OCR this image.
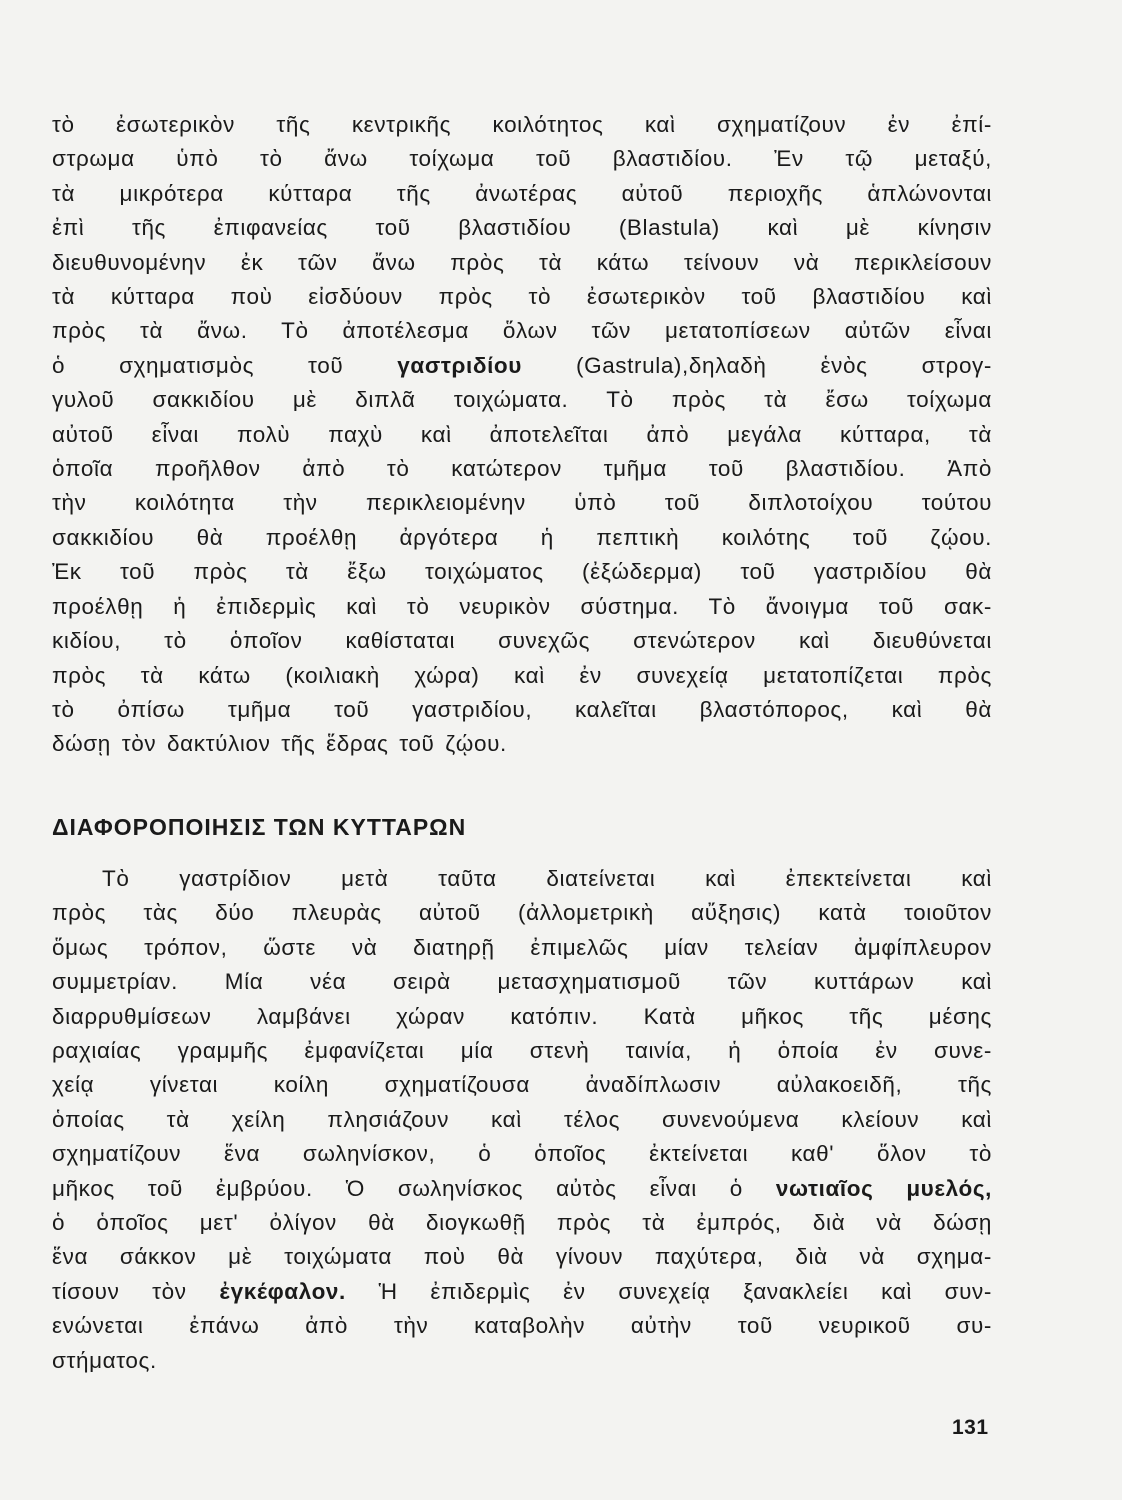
τὸ ἐσωτερικὸν τῆς κεντρικῆς κοιλότητος καὶ σχηματίζουν ἐν ἐπί-
στρωμα ὑπὸ τὸ ἄνω τοίχωμα τοῦ βλαστιδίου. Ἐν τῷ μεταξύ,
τὰ μικρότερα κύτταρα τῆς ἀνωτέρας αὐτοῦ περιοχῆς ἁπλώνονται
ἐπὶ τῆς ἐπιφανείας τοῦ βλαστιδίου (Blastula) καὶ μὲ κίνησιν
διευθυνομένην ἐκ τῶν ἄνω πρὸς τὰ κάτω τείνουν νὰ περικλείσουν
τὰ κύτταρα ποὺ εἰσδύουν πρὸς τὸ ἐσωτερικὸν τοῦ βλαστιδίου καὶ
πρὸς τὰ ἄνω. Τὸ ἀποτέλεσμα ὅλων τῶν μετατοπίσεων αὐτῶν εἶναι
ὁ σχηματισμὸς τοῦ γαστριδίου (Gastrula),δηλαδὴ ἑνὸς στρογ-
γυλοῦ σακκιδίου μὲ διπλᾶ τοιχώματα. Τὸ πρὸς τὰ ἔσω τοίχωμα
αὐτοῦ εἶναι πολὺ παχὺ καὶ ἀποτελεῖται ἀπὸ μεγάλα κύτταρα, τὰ
ὁποῖα προῆλθον ἀπὸ τὸ κατώτερον τμῆμα τοῦ βλαστιδίου. Ἀπὸ
τὴν κοιλότητα τὴν περικλειομένην ὑπὸ τοῦ διπλοτοίχου τούτου
σακκιδίου θὰ προέλθῃ ἀργότερα ἡ πεπτικὴ κοιλότης τοῦ ζῴου.
Ἐκ τοῦ πρὸς τὰ ἔξω τοιχώματος (ἐξώδερμα) τοῦ γαστριδίου θὰ
προέλθῃ ἡ ἐπιδερμὶς καὶ τὸ νευρικὸν σύστημα. Τὸ ἄνοιγμα τοῦ σακ-
κιδίου, τὸ ὁποῖον καθίσταται συνεχῶς στενώτερον καὶ διευθύνεται
πρὸς τὰ κάτω (κοιλιακὴ χώρα) καὶ ἐν συνεχείᾳ μετατοπίζεται πρὸς
τὸ ὀπίσω τμῆμα τοῦ γαστριδίου, καλεῖται βλαστόπορος, καὶ θὰ
δώσῃ τὸν δακτύλιον τῆς ἕδρας τοῦ ζῴου.
ΔΙΑΦΟΡΟΠΟΙΗΣΙΣ ΤΩΝ ΚΥΤΤΑΡΩΝ
Τὸ γαστρίδιον μετὰ ταῦτα διατείνεται καὶ ἐπεκτείνεται καὶ
πρὸς τὰς δύο πλευρὰς αὐτοῦ (ἀλλομετρικὴ αὔξησις) κατὰ τοιοῦτον
ὅμως τρόπον, ὥστε νὰ διατηρῇ ἐπιμελῶς μίαν τελείαν ἀμφίπλευρον
συμμετρίαν. Μία νέα σειρὰ μετασχηματισμοῦ τῶν κυττάρων καὶ
διαρρυθμίσεων λαμβάνει χώραν κατόπιν. Κατὰ μῆκος τῆς μέσης
ραχιαίας γραμμῆς ἐμφανίζεται μία στενὴ ταινία, ἡ ὁποία ἐν συνε-
χείᾳ γίνεται κοίλη σχηματίζουσα ἀναδίπλωσιν αὐλακοειδῆ, τῆς
ὁποίας τὰ χείλη πλησιάζουν καὶ τέλος συνενούμενα κλείουν καὶ
σχηματίζουν ἕνα σωληνίσκον, ὁ ὁποῖος ἐκτείνεται καθ' ὅλον τὸ
μῆκος τοῦ ἐμβρύου. Ὁ σωληνίσκος αὐτὸς εἶναι ὁ νωτιαῖος μυελός,
ὁ ὁποῖος μετ' ὀλίγον θὰ διογκωθῇ πρὸς τὰ ἐμπρός, διὰ νὰ δώσῃ
ἕνα σάκκον μὲ τοιχώματα ποὺ θὰ γίνουν παχύτερα, διὰ νὰ σχημα-
τίσουν τὸν ἐγκέφαλον. Ἡ ἐπιδερμὶς ἐν συνεχείᾳ ξανακλείει καὶ συν-
ενώνεται ἐπάνω ἀπὸ τὴν καταβολὴν αὐτὴν τοῦ νευρικοῦ συ-
στήματος.
131
